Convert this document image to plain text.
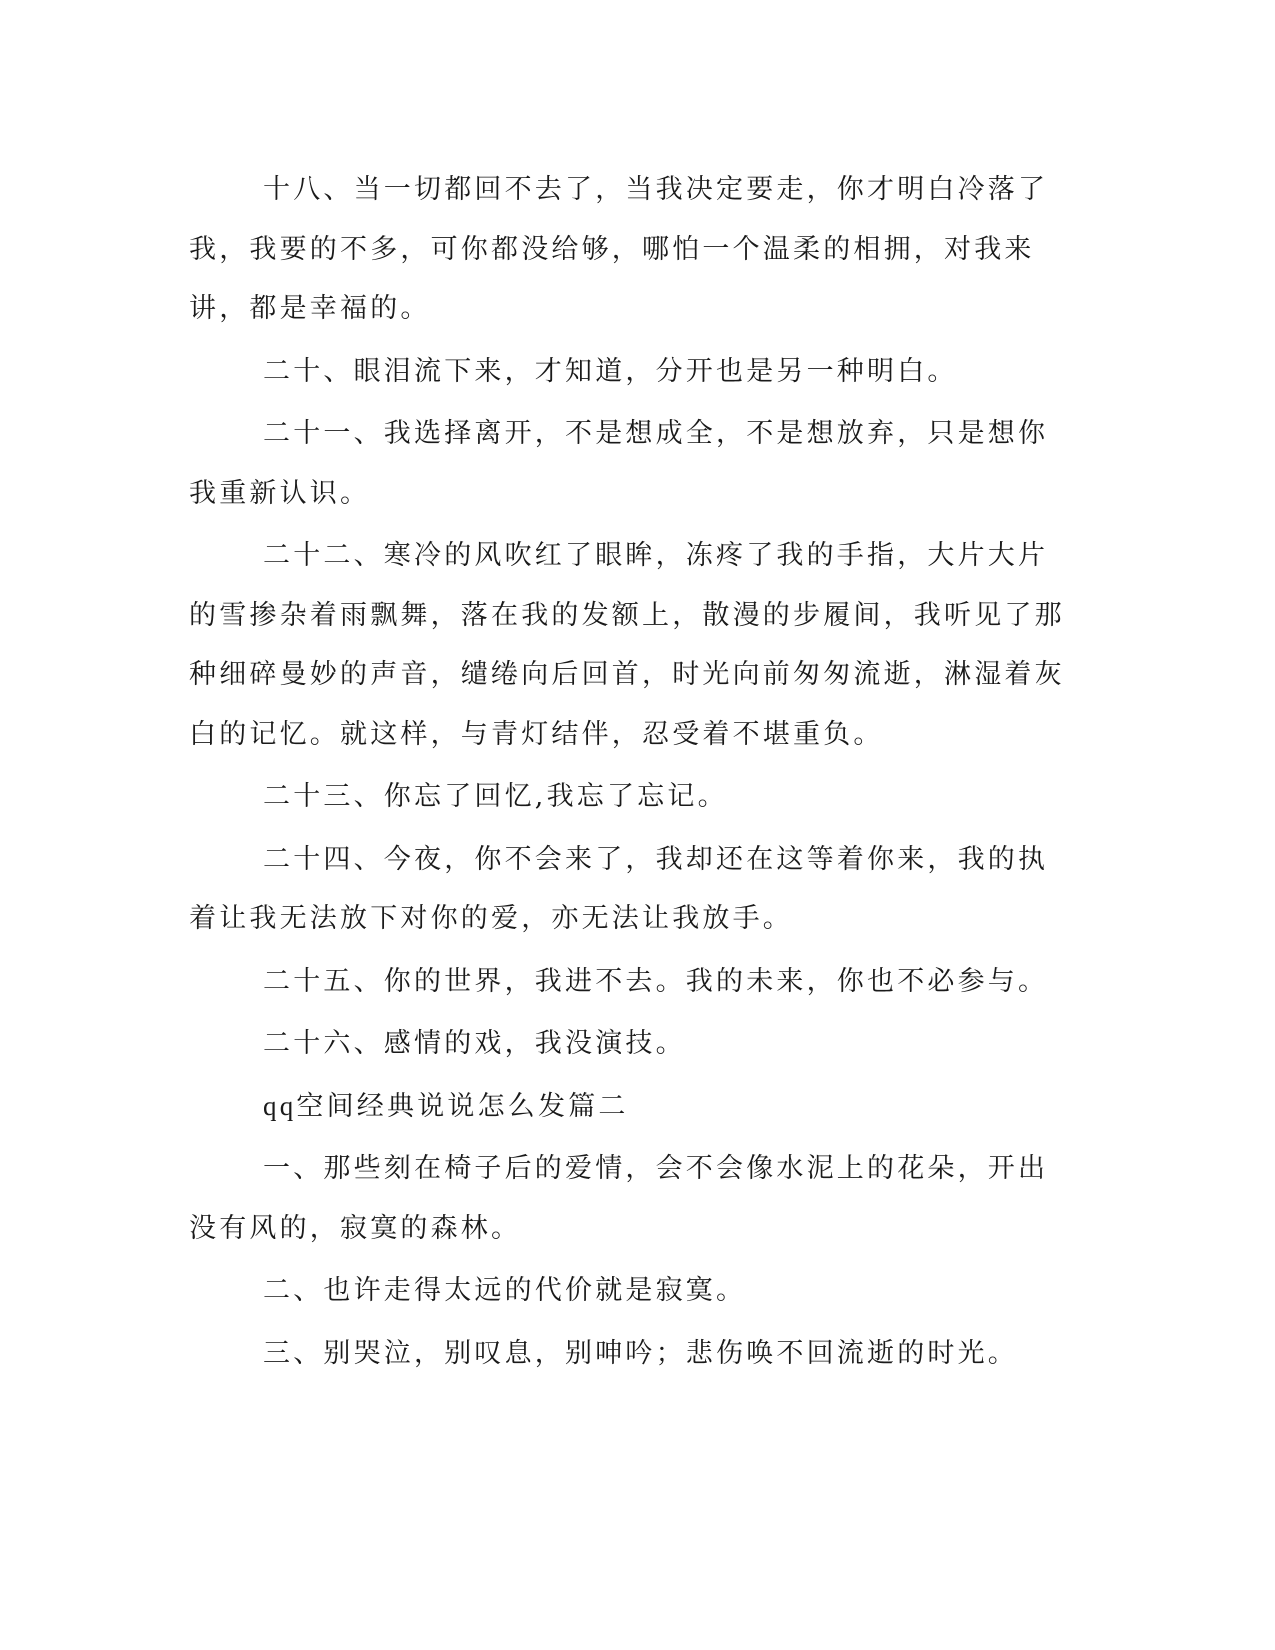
十八、当一切都回不去了，当我决定要走，你才明白冷落了我，我要的不多，可你都没给够，哪怕一个温柔的相拥，对我来讲，都是幸福的。

二十、眼泪流下来，才知道，分开也是另一种明白。

二十一、我选择离开，不是想成全，不是想放弃，只是想你我重新认识。

二十二、寒冷的风吹红了眼眸，冻疼了我的手指，大片大片的雪掺杂着雨飘舞，落在我的发额上，散漫的步履间，我听见了那种细碎曼妙的声音，缱绻向后回首，时光向前匆匆流逝，淋湿着灰白的记忆。就这样，与青灯结伴，忍受着不堪重负。

二十三、你忘了回忆,我忘了忘记。

二十四、今夜，你不会来了，我却还在这等着你来，我的执着让我无法放下对你的爱，亦无法让我放手。

二十五、你的世界，我进不去。我的未来，你也不必参与。

二十六、感情的戏，我没演技。

qq空间经典说说怎么发篇二

一、那些刻在椅子后的爱情，会不会像水泥上的花朵，开出没有风的，寂寞的森林。

二、也许走得太远的代价就是寂寞。

三、别哭泣，别叹息，别呻吟；悲伤唤不回流逝的时光。
